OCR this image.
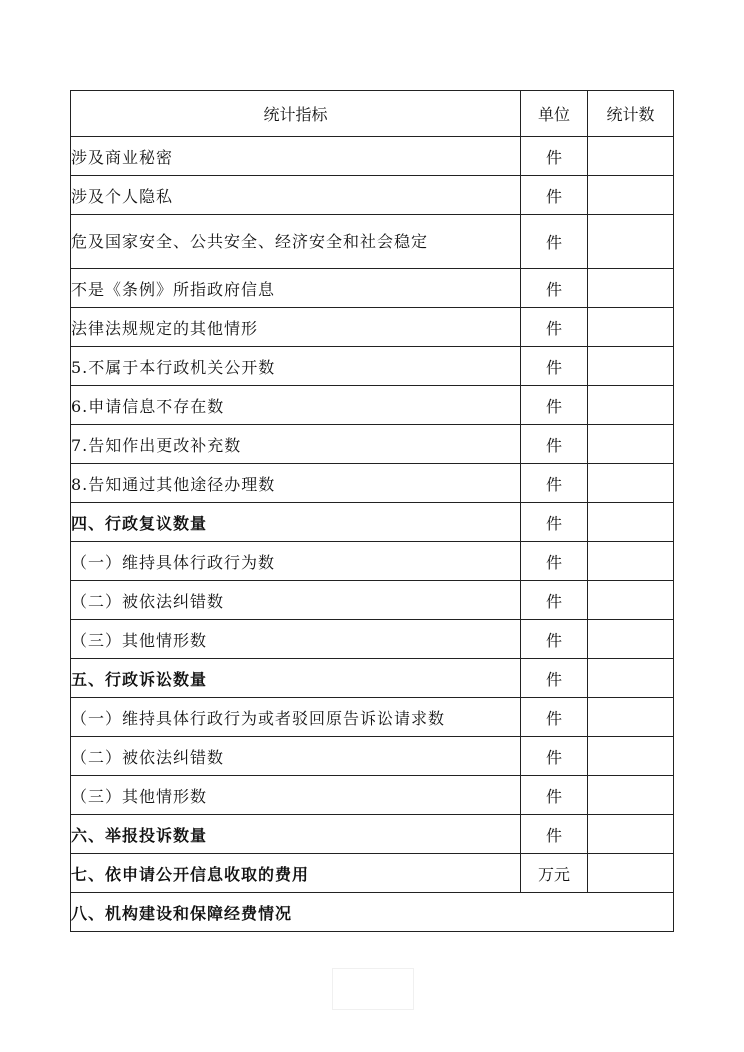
统计指标	单位	统计数
涉及商业秘密	件	
涉及个人隐私	件	
危及国家安全、公共安全、经济安全和社会稳定	件	
不是《条例》所指政府信息	件	
法律法规规定的其他情形	件	
5.不属于本行政机关公开数	件	
6.申请信息不存在数	件	
7.告知作出更改补充数	件	
8.告知通过其他途径办理数	件	
四、行政复议数量	件	
（一）维持具体行政行为数	件	
（二）被依法纠错数	件	
（三）其他情形数	件	
五、行政诉讼数量	件	
（一）维持具体行政行为或者驳回原告诉讼请求数	件	
（二）被依法纠错数	件	
（三）其他情形数	件	
六、举报投诉数量	件	
七、依申请公开信息收取的费用	万元	
八、机构建设和保障经费情况		
